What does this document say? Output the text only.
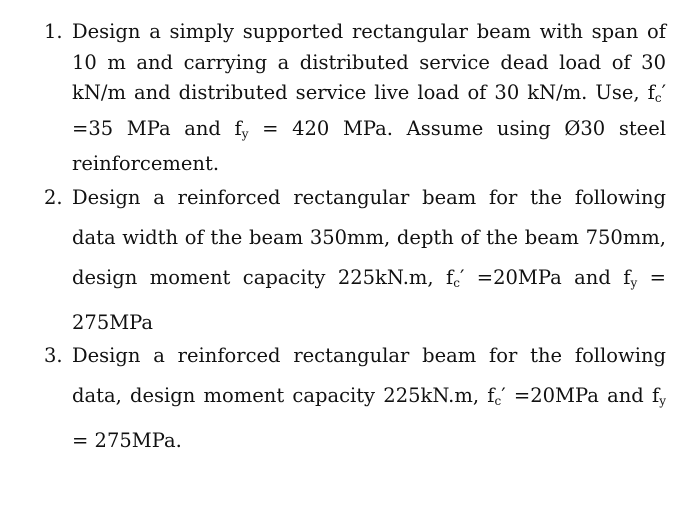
1. Design a simply supported rectangular beam with span of 10 m and carrying a distributed service dead load of 30 kN/m and distributed service live load of 30 kN/m. Use, $f_c' =35$ MPa and $f_y = 420$ MPa. Assume using Ø30 steel reinforcement.
2. Design a reinforced rectangular beam for the following data width of the beam 350mm, depth of the beam 750mm, design moment capacity 225kN.m, $f_c' =20MPa$ and $f_y = 275MPa$
3. Design a reinforced rectangular beam for the following data, design moment capacity 225kN.m, $f_c' =20MPa$ and $f_y = 275MPa$.
